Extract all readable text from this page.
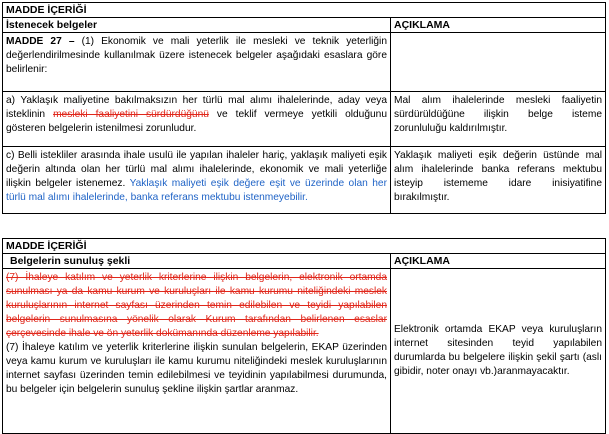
MADDE İÇERİĞİ	
İstenecek belgeler	AÇIKLAMA
MADDE 27 – (1) Ekonomik ve mali yeterlik ile mesleki ve teknik yeterliğin değerlendirilmesinde kullanılmak üzere istenecek belgeler aşağıdaki esaslara göre belirlenir:	
a) Yaklaşık maliyetine bakılmaksızın her türlü mal alımı ihalelerinde, aday veya isteklinin mesleki faaliyetini sürdürdüğünü ve teklif vermeye yetkili olduğunu gösteren belgelerin istenilmesi zorunludur.	Mal alım ihalelerinde mesleki faaliyetin sürdürüldüğüne ilişkin belge isteme zorunluluğu kaldırılmıştır.
c) Belli istekliler arasında ihale usulü ile yapılan ihaleler hariç, yaklaşık maliyeti eşik değerin altında olan her türlü mal alımı ihalelerinde, ekonomik ve mali yeterliğe ilişkin belgeler istenemez. Yaklaşık maliyeti eşik değere eşit ve üzerinde olan her türlü mal alımı ihalelerinde, banka referans mektubu istenmeyebilir.	Yaklaşık maliyeti eşik değerin üstünde mal alım ihalelerinde banka referans mektubu isteyip istememe idare inisiyatifine bırakılmıştır.
MADDE İÇERİĞİ	
Belgelerin sunuluş şekli	AÇIKLAMA
(7) İhaleye katılım ve yeterlik kriterlerine ilişkin belgelerin, elektronik ortamda sunulması ya da kamu kurum ve kuruluşları ile kamu kurumu niteliğindeki meslek kuruluşlarının internet sayfası üzerinden temin edilebilen ve teyidi yapılabilen belgelerin sunulmasına yönelik olarak Kurum tarafından belirlenen esaslar çerçevesinde ihale ve ön yeterlik dokümanında düzenleme yapılabilir.
(7) İhaleye katılım ve yeterlik kriterlerine ilişkin sunulan belgelerin, EKAP üzerinden veya kamu kurum ve kuruluşları ile kamu kurumu niteliğindeki meslek kuruluşlarının internet sayfası üzerinden temin edilebilmesi ve teyidinin yapılabilmesi durumunda, bu belgeler için belgelerin sunuluş şekline ilişkin şartlar aranmaz.	Elektronik ortamda EKAP veya kuruluşların internet sitesinden teyid yapılabilen durumlarda bu belgelere ilişkin şekil şartı (aslı gibidir, noter onayı vb.)aranmayacaktır.
